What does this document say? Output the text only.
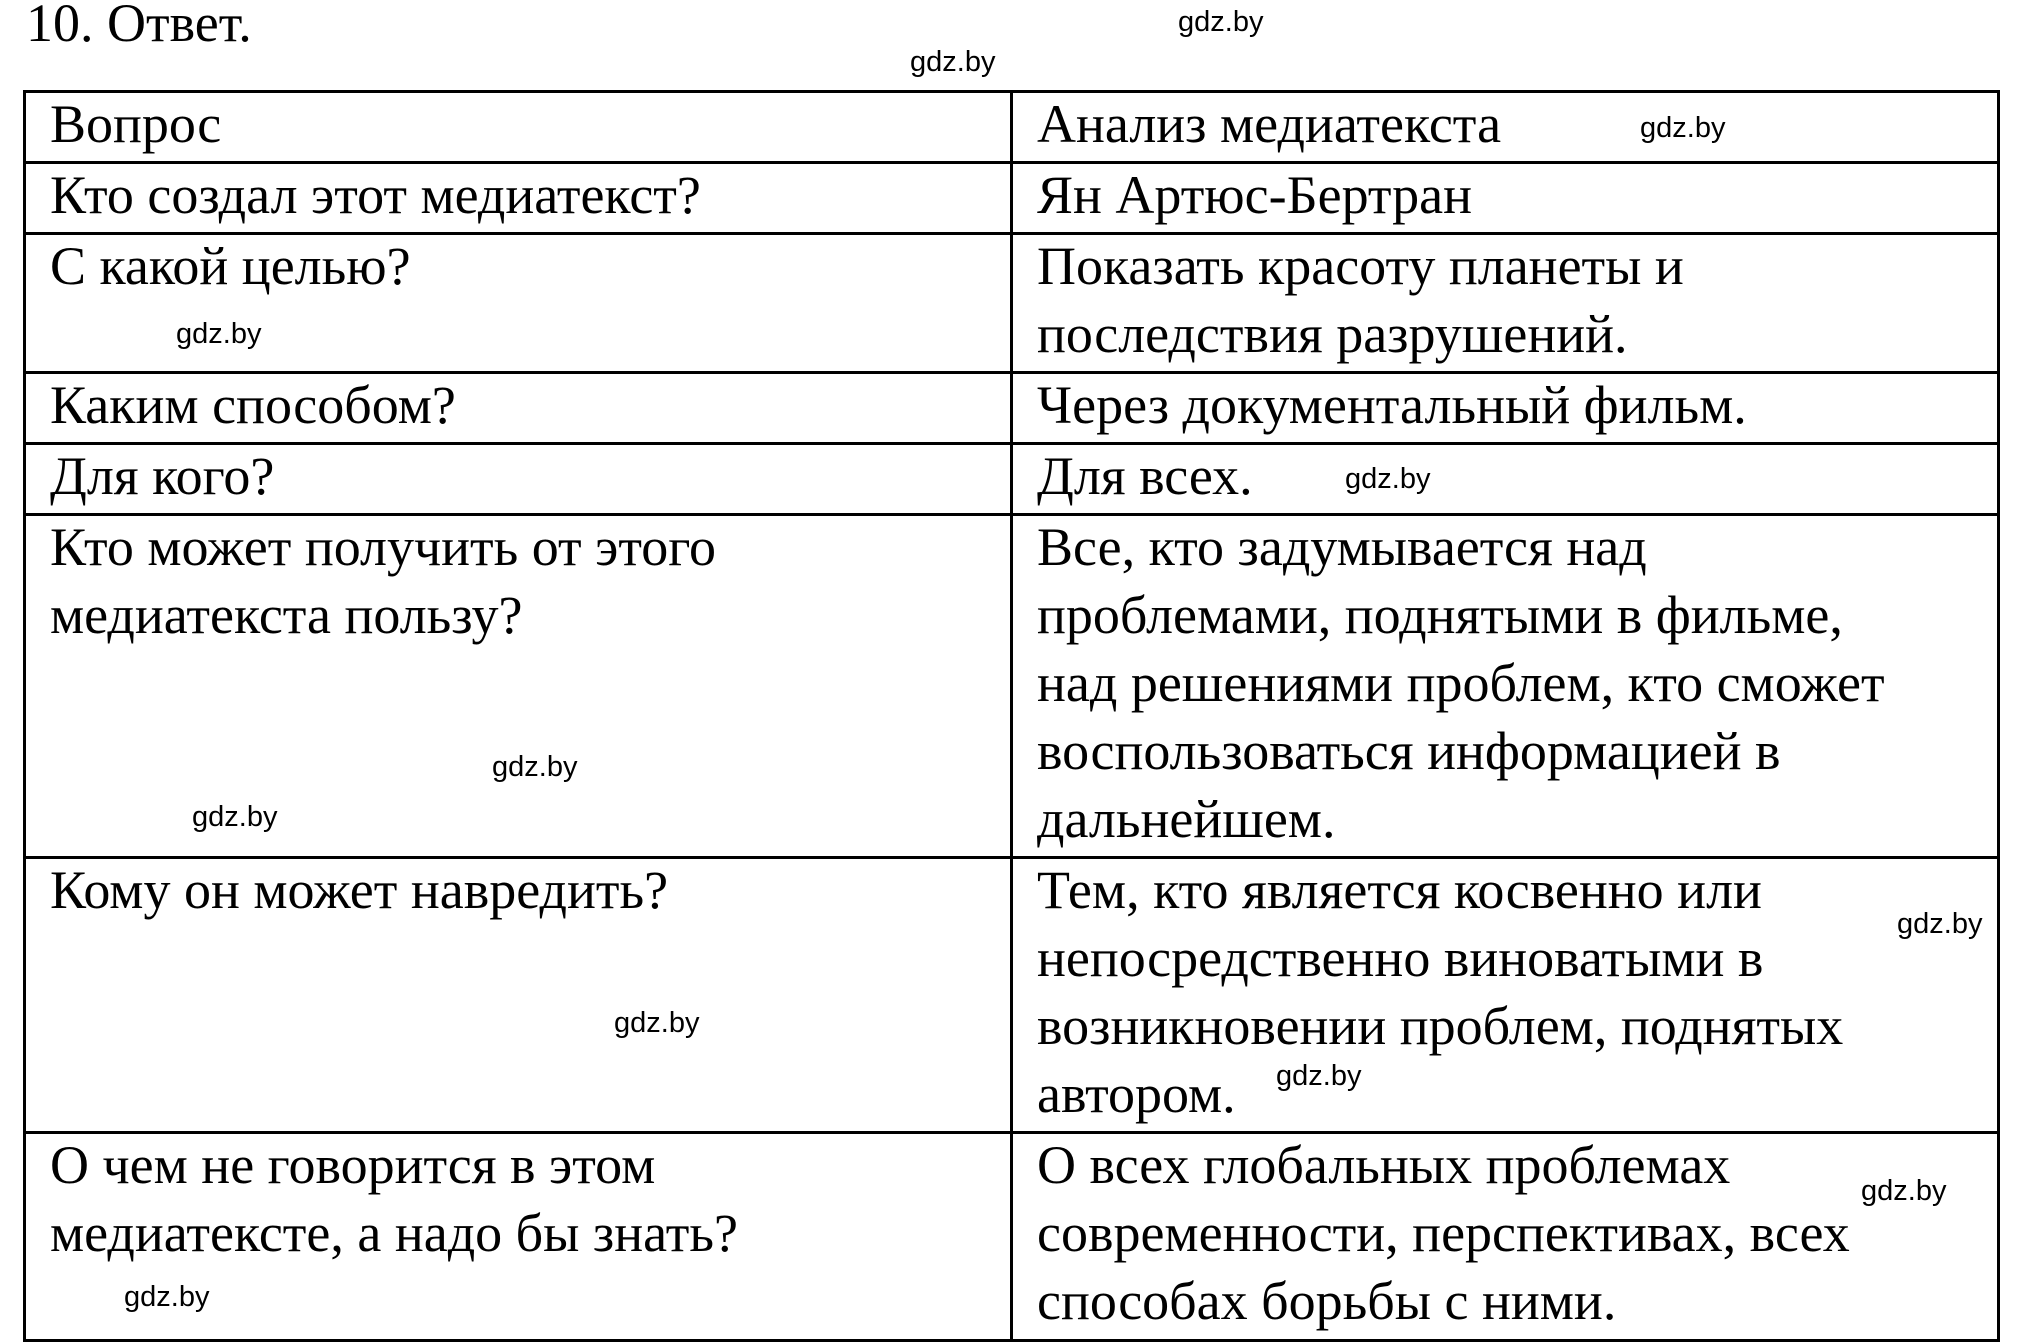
10. Ответ.
Вопрос	Анализ медиатекста

Кто создал этот медиатекст?	Ян Артюс-Бертран

С какой целью?	Показать красоту планеты и
последствия разрушений.

Каким способом?	Через документальный фильм.

Для кого?	Для всех.

Кто может получить от этого
медиатекста пользу?	Все, кто задумывается над
проблемами, поднятыми в фильме,
над решениями проблем, кто сможет
воспользоваться информацией в
дальнейшем.

Кому он может навредить?	Тем, кто является косвенно или
непосредственно виноватыми в
возникновении проблем, поднятых
автором.

О чем не говорится в этом
медиатексте, а надо бы знать?	О всех глобальных проблемах
современности, перспективах, всех
способах борьбы с ними.
gdz.by
gdz.by
gdz.by
gdz.by
gdz.by
gdz.by
gdz.by
gdz.by
gdz.by
gdz.by
gdz.by
gdz.by
